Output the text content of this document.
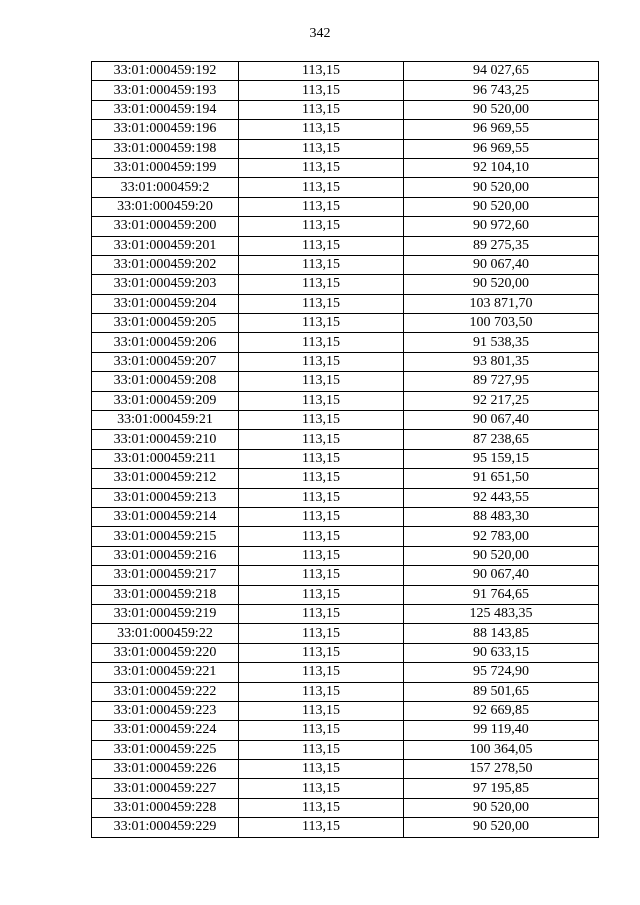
342
33:01:000459:192	113,15	94 027,65
33:01:000459:193	113,15	96 743,25
33:01:000459:194	113,15	90 520,00
33:01:000459:196	113,15	96 969,55
33:01:000459:198	113,15	96 969,55
33:01:000459:199	113,15	92 104,10
33:01:000459:2	113,15	90 520,00
33:01:000459:20	113,15	90 520,00
33:01:000459:200	113,15	90 972,60
33:01:000459:201	113,15	89 275,35
33:01:000459:202	113,15	90 067,40
33:01:000459:203	113,15	90 520,00
33:01:000459:204	113,15	103 871,70
33:01:000459:205	113,15	100 703,50
33:01:000459:206	113,15	91 538,35
33:01:000459:207	113,15	93 801,35
33:01:000459:208	113,15	89 727,95
33:01:000459:209	113,15	92 217,25
33:01:000459:21	113,15	90 067,40
33:01:000459:210	113,15	87 238,65
33:01:000459:211	113,15	95 159,15
33:01:000459:212	113,15	91 651,50
33:01:000459:213	113,15	92 443,55
33:01:000459:214	113,15	88 483,30
33:01:000459:215	113,15	92 783,00
33:01:000459:216	113,15	90 520,00
33:01:000459:217	113,15	90 067,40
33:01:000459:218	113,15	91 764,65
33:01:000459:219	113,15	125 483,35
33:01:000459:22	113,15	88 143,85
33:01:000459:220	113,15	90 633,15
33:01:000459:221	113,15	95 724,90
33:01:000459:222	113,15	89 501,65
33:01:000459:223	113,15	92 669,85
33:01:000459:224	113,15	99 119,40
33:01:000459:225	113,15	100 364,05
33:01:000459:226	113,15	157 278,50
33:01:000459:227	113,15	97 195,85
33:01:000459:228	113,15	90 520,00
33:01:000459:229	113,15	90 520,00
